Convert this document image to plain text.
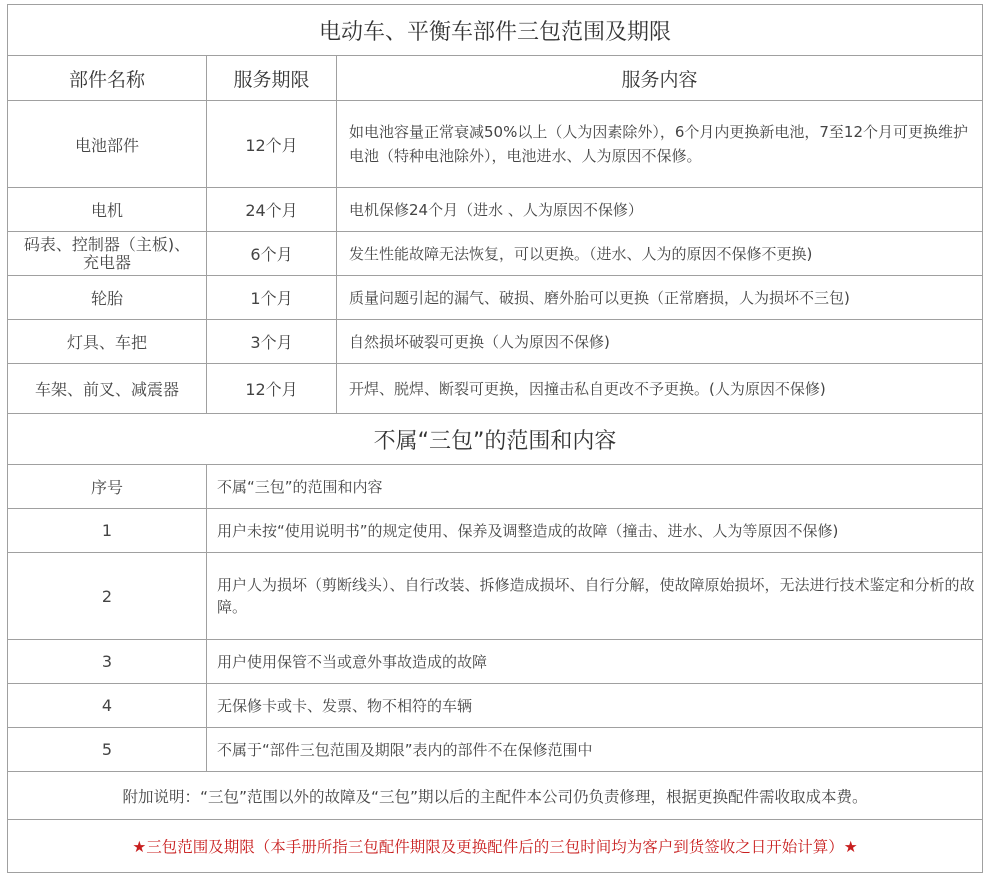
电动车、平衡车部件三包范围及期限		
部件名称	服务期限	服务内容
电池部件	12个月	如电池容量正常衰减50%以上（人为因素除外），6个月内更换新电池，7至12个月可更换维护电池（特种电池除外），电池进水、人为原因不保修。
电机	24个月	电机保修24个月（进水 、人为原因不保修）
码表、控制器（主板)、充电器	6个月	发生性能故障无法恢复，可以更换。（进水、人为的原因不保修不更换)
轮胎	1个月	质量问题引起的漏气、破损、磨外胎可以更换（正常磨损，人为损坏不三包)
灯具、车把	3个月	自然损坏破裂可更换（人为原因不保修)
车架、前叉、减震器	12个月	开焊、脱焊、断裂可更换，因撞击私自更改不予更换。(人为原因不保修)
不属“三包”的范围和内容		
序号	不属“三包”的范围和内容	
1	用户未按“使用说明书”的规定使用、保养及调整造成的故障（撞击、进水、人为等原因不保修)	
2	用户人为损坏（剪断线头）、自行改装、拆修造成损坏、自行分解，使故障原始损坏，无法进行技术鉴定和分析的故障。	
3	用户使用保管不当或意外事故造成的故障	
4	无保修卡或卡、发票、物不相符的车辆	
5	不属于“部件三包范围及期限”表内的部件不在保修范围中	
附加说明：“三包”范围以外的故障及“三包”期以后的主配件本公司仍负责修理，根据更换配件需收取成本费。		
★三包范围及期限（本手册所指三包配件期限及更换配件后的三包时间均为客户到货签收之日开始计算）★		
